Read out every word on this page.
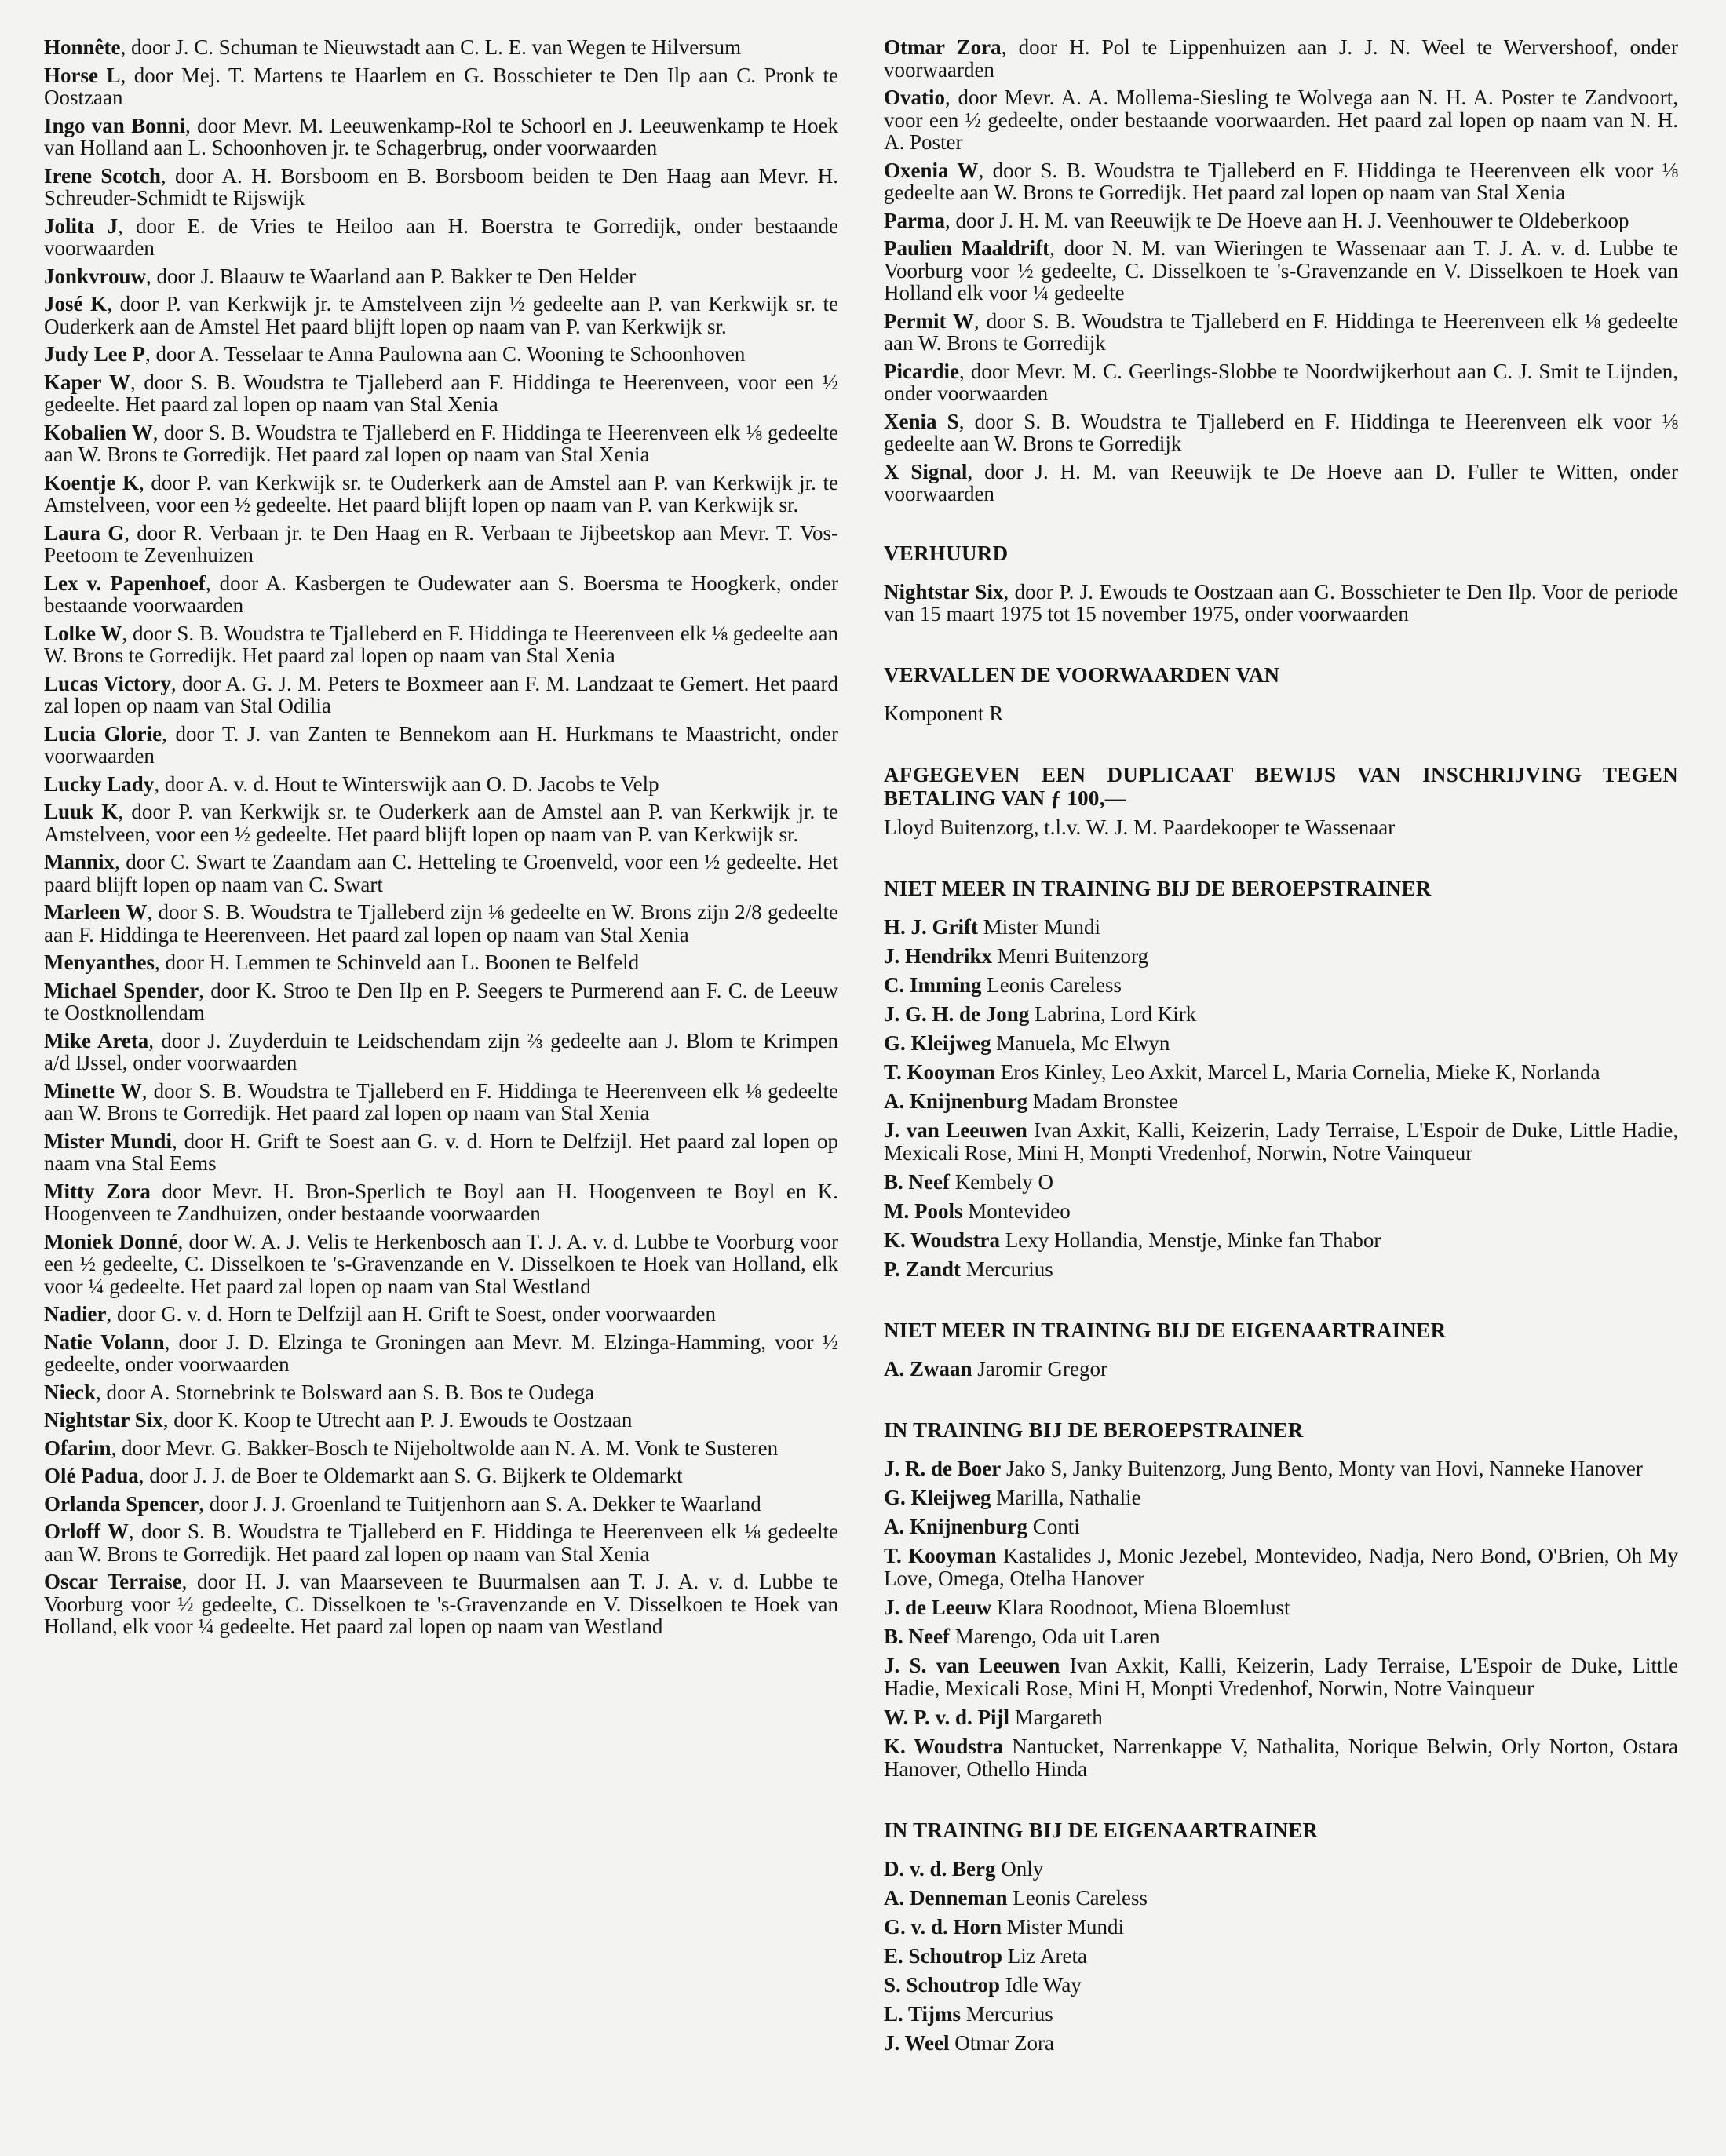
Honnête, door J. C. Schuman te Nieuwstadt aan C. L. E. van Wegen te Hilversum

Horse L, door Mej. T. Martens te Haarlem en G. Bosschieter te Den Ilp aan C. Pronk te Oostzaan

Ingo van Bonni, door Mevr. M. Leeuwenkamp-Rol te Schoorl en J. Leeuwenkamp te Hoek van Holland aan L. Schoonhoven jr. te Schagerbrug, onder voorwaarden

Irene Scotch, door A. H. Borsboom en B. Borsboom beiden te Den Haag aan Mevr. H. Schreuder-Schmidt te Rijswijk

Jolita J, door E. de Vries te Heiloo aan H. Boerstra te Gorredijk, onder bestaande voorwaarden

Jonkvrouw, door J. Blaauw te Waarland aan P. Bakker te Den Helder

José K, door P. van Kerkwijk jr. te Amstelveen zijn ½ gedeelte aan P. van Kerkwijk sr. te Ouderkerk aan de Amstel Het paard blijft lopen op naam van P. van Kerkwijk sr.

Judy Lee P, door A. Tesselaar te Anna Paulowna aan C. Wooning te Schoonhoven

Kaper W, door S. B. Woudstra te Tjalleberd aan F. Hiddinga te Heerenveen, voor een ½ gedeelte. Het paard zal lopen op naam van Stal Xenia

Kobalien W, door S. B. Woudstra te Tjalleberd en F. Hiddinga te Heerenveen elk ⅛ gedeelte aan W. Brons te Gorredijk. Het paard zal lopen op naam van Stal Xenia

Koentje K, door P. van Kerkwijk sr. te Ouderkerk aan de Amstel aan P. van Kerkwijk jr. te Amstelveen, voor een ½ gedeelte. Het paard blijft lopen op naam van P. van Kerkwijk sr.

Laura G, door R. Verbaan jr. te Den Haag en R. Verbaan te Jijbeetskop aan Mevr. T. Vos-Peetoom te Zevenhuizen

Lex v. Papenhoef, door A. Kasbergen te Oudewater aan S. Boersma te Hoogkerk, onder bestaande voorwaarden

Lolke W, door S. B. Woudstra te Tjalleberd en F. Hiddinga te Heerenveen elk ⅛ gedeelte aan W. Brons te Gorredijk. Het paard zal lopen op naam van Stal Xenia

Lucas Victory, door A. G. J. M. Peters te Boxmeer aan F. M. Landzaat te Gemert. Het paard zal lopen op naam van Stal Odilia

Lucia Glorie, door T. J. van Zanten te Bennekom aan H. Hurkmans te Maastricht, onder voorwaarden

Lucky Lady, door A. v. d. Hout te Winterswijk aan O. D. Jacobs te Velp

Luuk K, door P. van Kerkwijk sr. te Ouderkerk aan de Amstel aan P. van Kerkwijk jr. te Amstelveen, voor een ½ gedeelte. Het paard blijft lopen op naam van P. van Kerkwijk sr.

Mannix, door C. Swart te Zaandam aan C. Hetteling te Groenveld, voor een ½ gedeelte. Het paard blijft lopen op naam van C. Swart

Marleen W, door S. B. Woudstra te Tjalleberd zijn ⅛ gedeelte en W. Brons zijn 2/8 gedeelte aan F. Hiddinga te Heerenveen. Het paard zal lopen op naam van Stal Xenia

Menyanthes, door H. Lemmen te Schinveld aan L. Boonen te Belfeld

Michael Spender, door K. Stroo te Den Ilp en P. Seegers te Purmerend aan F. C. de Leeuw te Oostknollendam

Mike Areta, door J. Zuyderduin te Leidschendam zijn ⅔ gedeelte aan J. Blom te Krimpen a/d IJssel, onder voorwaarden

Minette W, door S. B. Woudstra te Tjalleberd en F. Hiddinga te Heerenveen elk ⅛ gedeelte aan W. Brons te Gorredijk. Het paard zal lopen op naam van Stal Xenia

Mister Mundi, door H. Grift te Soest aan G. v. d. Horn te Delfzijl. Het paard zal lopen op naam vna Stal Eems

Mitty Zora door Mevr. H. Bron-Sperlich te Boyl aan H. Hoogenveen te Boyl en K. Hoogenveen te Zandhuizen, onder bestaande voorwaarden

Moniek Donné, door W. A. J. Velis te Herkenbosch aan T. J. A. v. d. Lubbe te Voorburg voor een ½ gedeelte, C. Disselkoen te 's-Gravenzande en V. Disselkoen te Hoek van Holland, elk voor ¼ gedeelte. Het paard zal lopen op naam van Stal Westland

Nadier, door G. v. d. Horn te Delfzijl aan H. Grift te Soest, onder voorwaarden

Natie Volann, door J. D. Elzinga te Groningen aan Mevr. M. Elzinga-Hamming, voor ½ gedeelte, onder voorwaarden

Nieck, door A. Stornebrink te Bolsward aan S. B. Bos te Oudega

Nightstar Six, door K. Koop te Utrecht aan P. J. Ewouds te Oostzaan

Ofarim, door Mevr. G. Bakker-Bosch te Nijeholtwolde aan N. A. M. Vonk te Susteren

Olé Padua, door J. J. de Boer te Oldemarkt aan S. G. Bijkerk te Oldemarkt

Orlanda Spencer, door J. J. Groenland te Tuitjenhorn aan S. A. Dekker te Waarland

Orloff W, door S. B. Woudstra te Tjalleberd en F. Hiddinga te Heerenveen elk ⅛ gedeelte aan W. Brons te Gorredijk. Het paard zal lopen op naam van Stal Xenia

Oscar Terraise, door H. J. van Maarseveen te Buurmalsen aan T. J. A. v. d. Lubbe te Voorburg voor ½ gedeelte, C. Disselkoen te 's-Gravenzande en V. Disselkoen te Hoek van Holland, elk voor ¼ gedeelte. Het paard zal lopen op naam van Westland

Otmar Zora, door H. Pol te Lippenhuizen aan J. J. N. Weel te Wervershoof, onder voorwaarden

Ovatio, door Mevr. A. A. Mollema-Siesling te Wolvega aan N. H. A. Poster te Zandvoort, voor een ½ gedeelte, onder bestaande voorwaarden. Het paard zal lopen op naam van N. H. A. Poster

Oxenia W, door S. B. Woudstra te Tjalleberd en F. Hiddinga te Heerenveen elk voor ⅛ gedeelte aan W. Brons te Gorredijk. Het paard zal lopen op naam van Stal Xenia

Parma, door J. H. M. van Reeuwijk te De Hoeve aan H. J. Veenhouwer te Oldeberkoop

Paulien Maaldrift, door N. M. van Wieringen te Wassenaar aan T. J. A. v. d. Lubbe te Voorburg voor ½ gedeelte, C. Disselkoen te 's-Gravenzande en V. Disselkoen te Hoek van Holland elk voor ¼ gedeelte

Permit W, door S. B. Woudstra te Tjalleberd en F. Hiddinga te Heerenveen elk ⅛ gedeelte aan W. Brons te Gorredijk

Picardie, door Mevr. M. C. Geerlings-Slobbe te Noordwijkerhout aan C. J. Smit te Lijnden, onder voorwaarden

Xenia S, door S. B. Woudstra te Tjalleberd en F. Hiddinga te Heerenveen elk voor ⅛ gedeelte aan W. Brons te Gorredijk

X Signal, door J. H. M. van Reeuwijk te De Hoeve aan D. Fuller te Witten, onder voorwaarden

VERHUURD

Nightstar Six, door P. J. Ewouds te Oostzaan aan G. Bosschieter te Den Ilp. Voor de periode van 15 maart 1975 tot 15 november 1975, onder voorwaarden

VERVALLEN DE VOORWAARDEN VAN

Komponent R

AFGEGEVEN EEN DUPLICAAT BEWIJS VAN INSCHRIJVING TEGEN BETALING VAN ƒ 100,—

Lloyd Buitenzorg, t.l.v. W. J. M. Paardekooper te Wassenaar

NIET MEER IN TRAINING BIJ DE BEROEPSTRAINER

H. J. Grift Mister Mundi

J. Hendrikx Menri Buitenzorg

C. Imming Leonis Careless

J. G. H. de Jong Labrina, Lord Kirk

G. Kleijweg Manuela, Mc Elwyn

T. Kooyman Eros Kinley, Leo Axkit, Marcel L, Maria Cornelia, Mieke K, Norlanda

A. Knijnenburg Madam Bronstee

J. van Leeuwen Ivan Axkit, Kalli, Keizerin, Lady Terraise, L'Espoir de Duke, Little Hadie, Mexicali Rose, Mini H, Monpti Vredenhof, Norwin, Notre Vainqueur

B. Neef Kembely O

M. Pools Montevideo

K. Woudstra Lexy Hollandia, Menstje, Minke fan Thabor

P. Zandt Mercurius

NIET MEER IN TRAINING BIJ DE EIGENAARTRAINER

A. Zwaan Jaromir Gregor

IN TRAINING BIJ DE BEROEPSTRAINER

J. R. de Boer Jako S, Janky Buitenzorg, Jung Bento, Monty van Hovi, Nanneke Hanover

G. Kleijweg Marilla, Nathalie

A. Knijnenburg Conti

T. Kooyman Kastalides J, Monic Jezebel, Montevideo, Nadja, Nero Bond, O'Brien, Oh My Love, Omega, Otelha Hanover

J. de Leeuw Klara Roodnoot, Miena Bloemlust

B. Neef Marengo, Oda uit Laren

J. S. van Leeuwen Ivan Axkit, Kalli, Keizerin, Lady Terraise, L'Espoir de Duke, Little Hadie, Mexicali Rose, Mini H, Monpti Vredenhof, Norwin, Notre Vainqueur

W. P. v. d. Pijl Margareth

K. Woudstra Nantucket, Narrenkappe V, Nathalita, Norique Belwin, Orly Norton, Ostara Hanover, Othello Hinda

IN TRAINING BIJ DE EIGENAARTRAINER

D. v. d. Berg Only

A. Denneman Leonis Careless

G. v. d. Horn Mister Mundi

E. Schoutrop Liz Areta

S. Schoutrop Idle Way

L. Tijms Mercurius

J. Weel Otmar Zora
